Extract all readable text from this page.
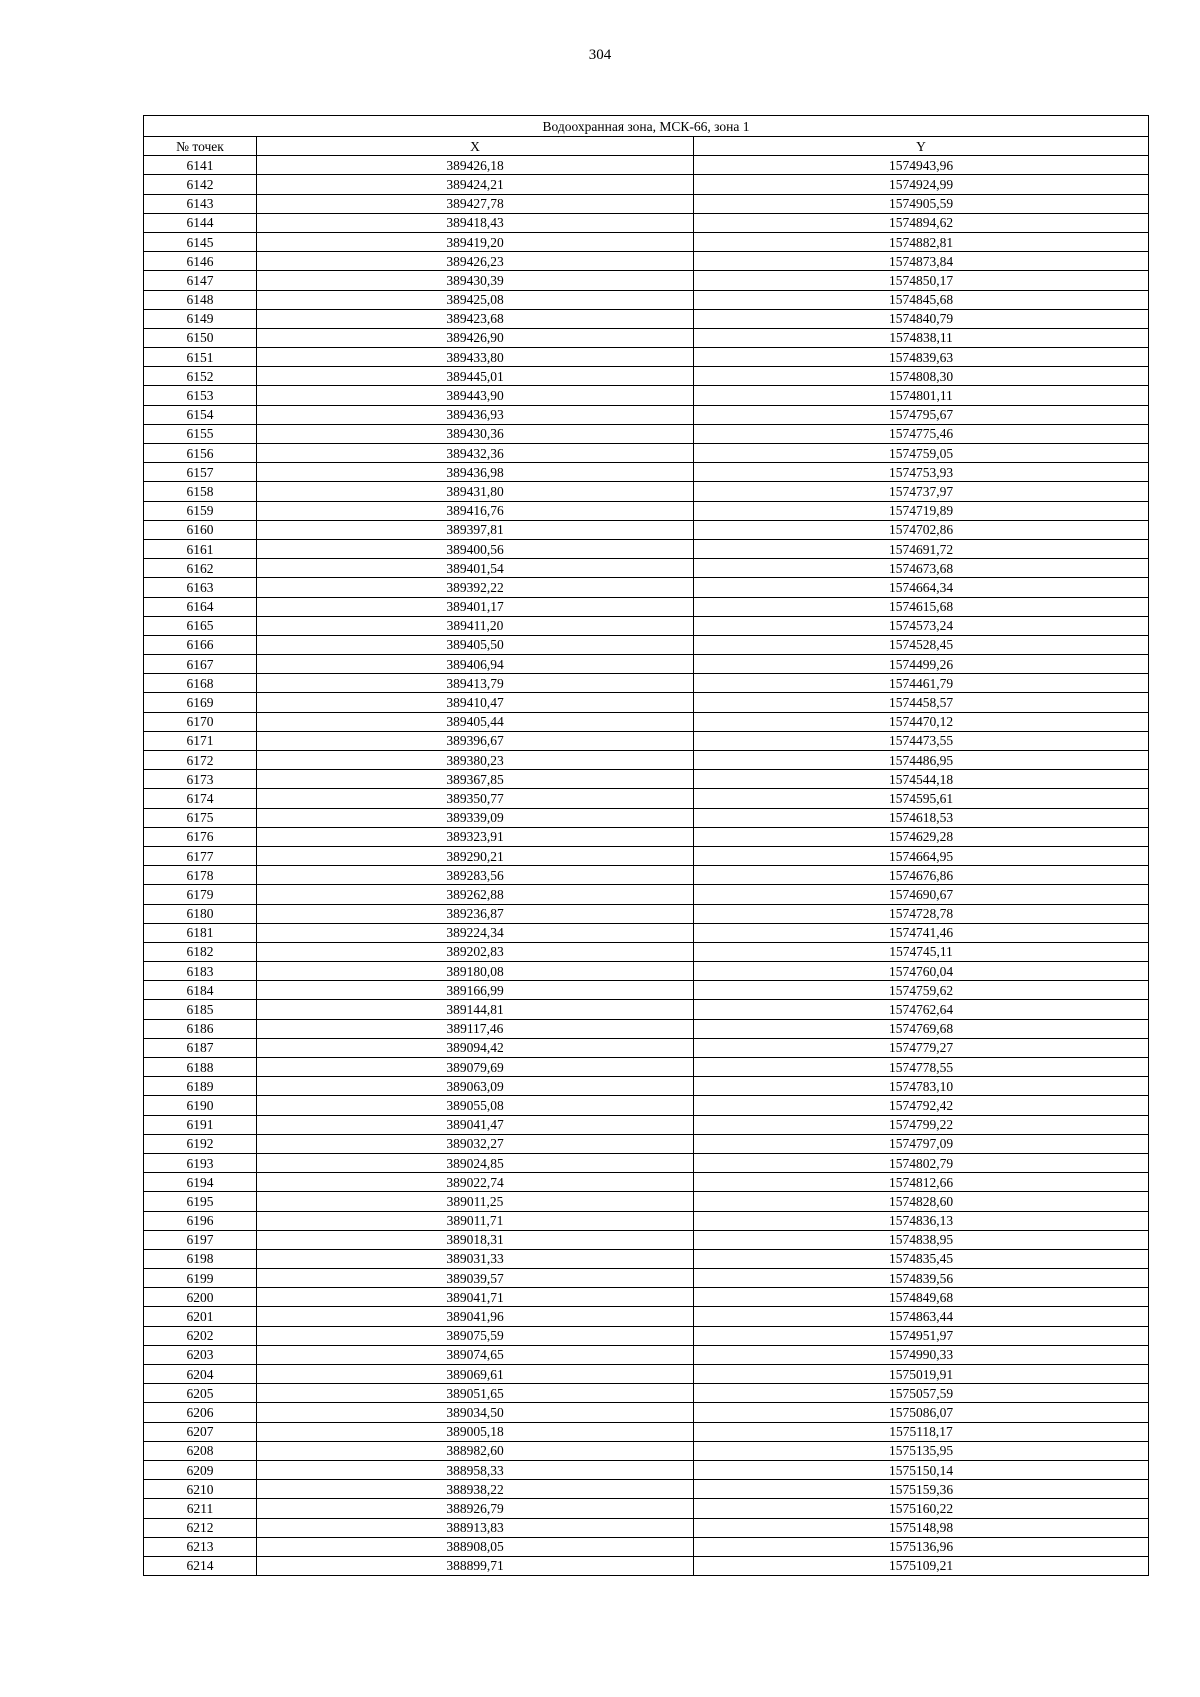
304
Водоохранная зона, МСК-66, зона 1		
№ точек	X	Y
6141	389426,18	1574943,96
6142	389424,21	1574924,99
6143	389427,78	1574905,59
6144	389418,43	1574894,62
6145	389419,20	1574882,81
6146	389426,23	1574873,84
6147	389430,39	1574850,17
6148	389425,08	1574845,68
6149	389423,68	1574840,79
6150	389426,90	1574838,11
6151	389433,80	1574839,63
6152	389445,01	1574808,30
6153	389443,90	1574801,11
6154	389436,93	1574795,67
6155	389430,36	1574775,46
6156	389432,36	1574759,05
6157	389436,98	1574753,93
6158	389431,80	1574737,97
6159	389416,76	1574719,89
6160	389397,81	1574702,86
6161	389400,56	1574691,72
6162	389401,54	1574673,68
6163	389392,22	1574664,34
6164	389401,17	1574615,68
6165	389411,20	1574573,24
6166	389405,50	1574528,45
6167	389406,94	1574499,26
6168	389413,79	1574461,79
6169	389410,47	1574458,57
6170	389405,44	1574470,12
6171	389396,67	1574473,55
6172	389380,23	1574486,95
6173	389367,85	1574544,18
6174	389350,77	1574595,61
6175	389339,09	1574618,53
6176	389323,91	1574629,28
6177	389290,21	1574664,95
6178	389283,56	1574676,86
6179	389262,88	1574690,67
6180	389236,87	1574728,78
6181	389224,34	1574741,46
6182	389202,83	1574745,11
6183	389180,08	1574760,04
6184	389166,99	1574759,62
6185	389144,81	1574762,64
6186	389117,46	1574769,68
6187	389094,42	1574779,27
6188	389079,69	1574778,55
6189	389063,09	1574783,10
6190	389055,08	1574792,42
6191	389041,47	1574799,22
6192	389032,27	1574797,09
6193	389024,85	1574802,79
6194	389022,74	1574812,66
6195	389011,25	1574828,60
6196	389011,71	1574836,13
6197	389018,31	1574838,95
6198	389031,33	1574835,45
6199	389039,57	1574839,56
6200	389041,71	1574849,68
6201	389041,96	1574863,44
6202	389075,59	1574951,97
6203	389074,65	1574990,33
6204	389069,61	1575019,91
6205	389051,65	1575057,59
6206	389034,50	1575086,07
6207	389005,18	1575118,17
6208	388982,60	1575135,95
6209	388958,33	1575150,14
6210	388938,22	1575159,36
6211	388926,79	1575160,22
6212	388913,83	1575148,98
6213	388908,05	1575136,96
6214	388899,71	1575109,21
